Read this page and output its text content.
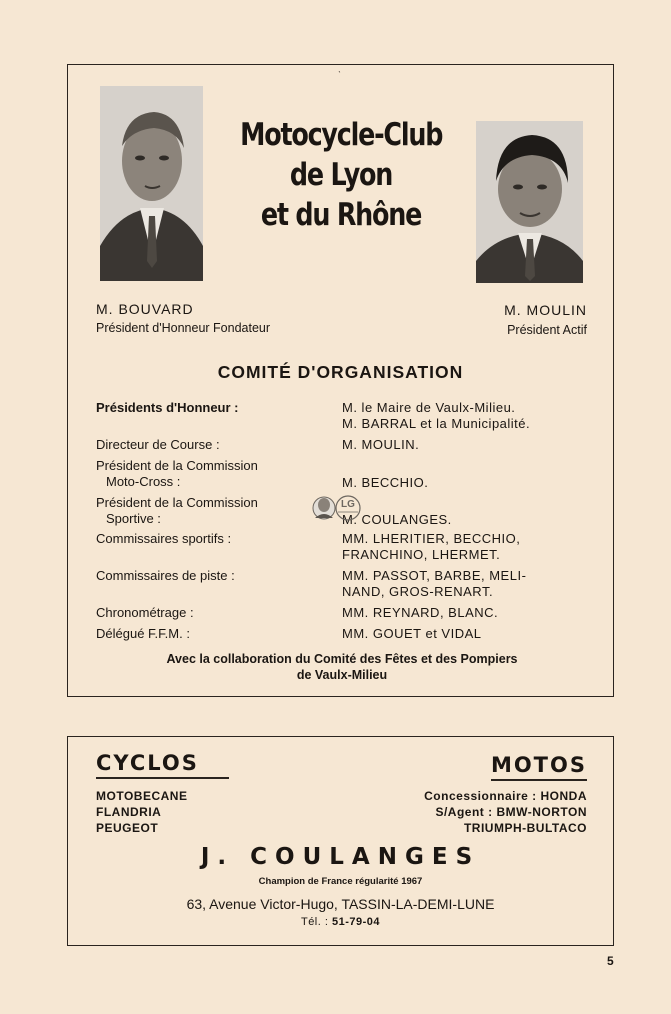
ˋ
Motocycle-Club
de Lyon
et du Rhône
M. BOUVARD
Président d'Honneur Fondateur
M. MOULIN
Président Actif
COMITÉ D'ORGANISATION
Présidents d'Honneur :	M. le Maire de Vaulx-Milieu.
M. BARRAL et la Municipalité.
Directeur de Course :	M. MOULIN.
Président de la Commission
Moto-Cross :	M. BECCHIO.
Président de la Commission
Sportive :	M. COULANGES.
Commissaires sportifs :	MM. LHERITIER, BECCHIO,
FRANCHINO, LHERMET.
Commissaires de piste :	MM. PASSOT, BARBE, MELI-
NAND, GROS-RENART.
Chronométrage :	MM. REYNARD, BLANC.
Délégué F.F.M. :	MM. GOUET et VIDAL
Avec la collaboration du Comité des Fêtes et des Pompiers
de Vaulx-Milieu
LG
CYCLOS
MOTOBECANE
FLANDRIA
PEUGEOT
MOTOS
Concessionnaire : HONDA
S/Agent : BMW-NORTON
TRIUMPH-BULTACO
J. COULANGES
Champion de France régularité 1967
63, Avenue Victor-Hugo, TASSIN-LA-DEMI-LUNE
Tél. : 51-79-04
5
